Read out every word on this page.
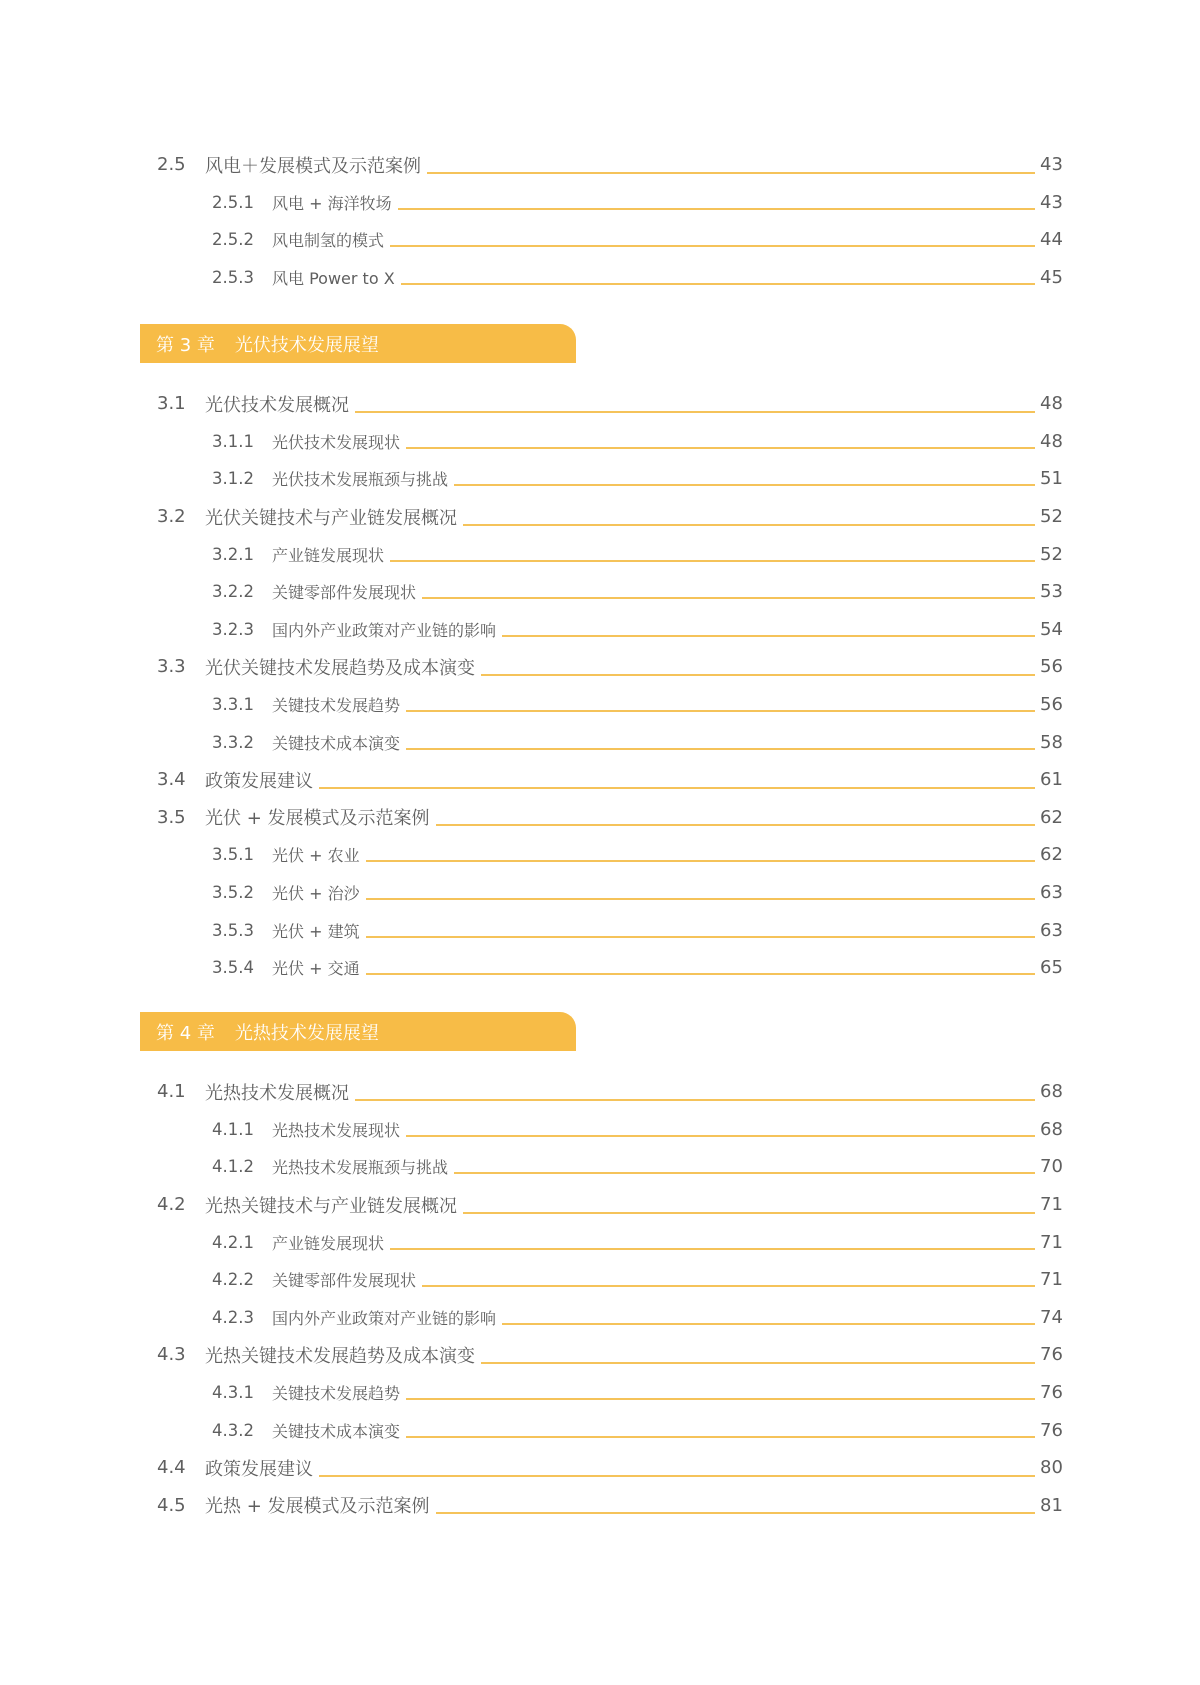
2.5 风电＋发展模式及示范案例	43
2.5.1 风电 + 海洋牧场	43
2.5.2 风电制氢的模式	44
2.5.3 风电 Power to X	45
第 3 章 光伏技术发展展望
3.1 光伏技术发展概况	48
3.1.1 光伏技术发展现状	48
3.1.2 光伏技术发展瓶颈与挑战	51
3.2 光伏关键技术与产业链发展概况	52
3.2.1 产业链发展现状	52
3.2.2 关键零部件发展现状	53
3.2.3 国内外产业政策对产业链的影响	54
3.3 光伏关键技术发展趋势及成本演变	56
3.3.1 关键技术发展趋势	56
3.3.2 关键技术成本演变	58
3.4 政策发展建议	61
3.5 光伏 + 发展模式及示范案例	62
3.5.1 光伏 + 农业	62
3.5.2 光伏 + 治沙	63
3.5.3 光伏 + 建筑	63
3.5.4 光伏 + 交通	65
第 4 章 光热技术发展展望
4.1 光热技术发展概况	68
4.1.1 光热技术发展现状	68
4.1.2 光热技术发展瓶颈与挑战	70
4.2 光热关键技术与产业链发展概况	71
4.2.1 产业链发展现状	71
4.2.2 关键零部件发展现状	71
4.2.3 国内外产业政策对产业链的影响	74
4.3 光热关键技术发展趋势及成本演变	76
4.3.1 关键技术发展趋势	76
4.3.2 关键技术成本演变	76
4.4 政策发展建议	80
4.5 光热 + 发展模式及示范案例	81
